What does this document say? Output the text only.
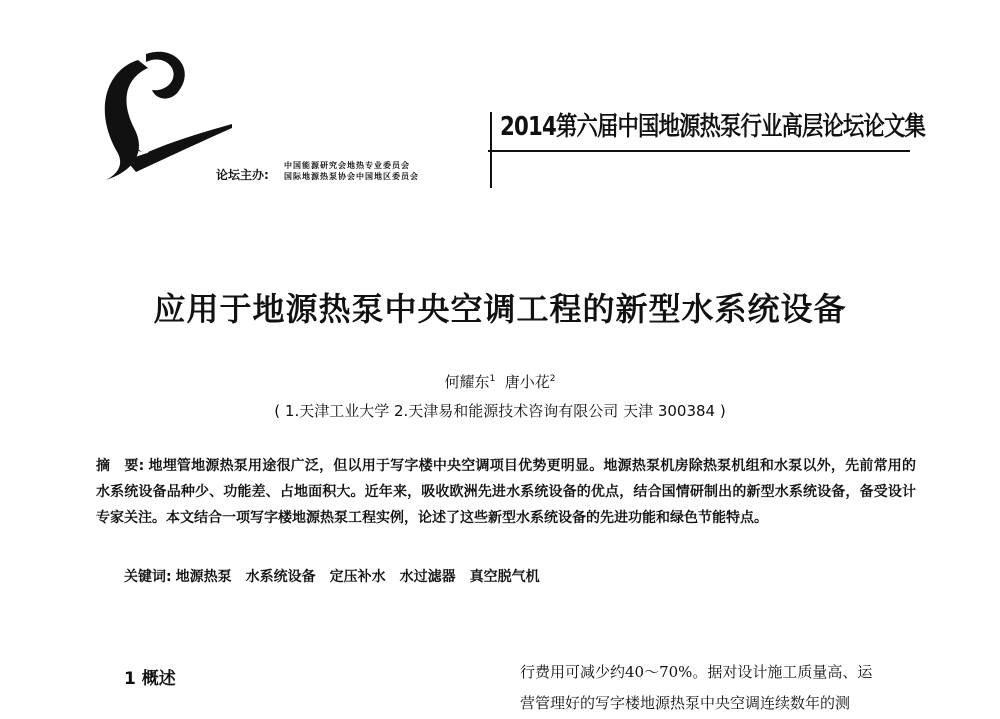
2014第六届中国地源热泵行业高层论坛论文集
论坛主办:
中国能源研究会地热专业委员会
国际地源热泵协会中国地区委员会
应用于地源热泵中央空调工程的新型水系统设备
何耀东$^1$ 唐小花$^2$
( 1.天津工业大学 2.天津易和能源技术咨询有限公司 天津 300384 )
摘　要: 地埋管地源热泵用途很广泛，但以用于写字楼中央空调项目优势更明显。地源热泵机房除热泵机组和水泵以外，先前常用的水系统设备品种少、功能差、占地面积大。近年来，吸收欧洲先进水系统设备的优点，结合国情研制出的新型水系统设备，备受设计专家关注。本文结合一项写字楼地源热泵工程实例，论述了这些新型水系统设备的先进功能和绿色节能特点。
关键词: 地源热泵　水系统设备　定压补水　水过滤器　真空脱气机
1 概述	行费用可减少约40～70%。据对设计施工质量高、运

营管理好的写字楼地源热泵中央空调连续数年的测
